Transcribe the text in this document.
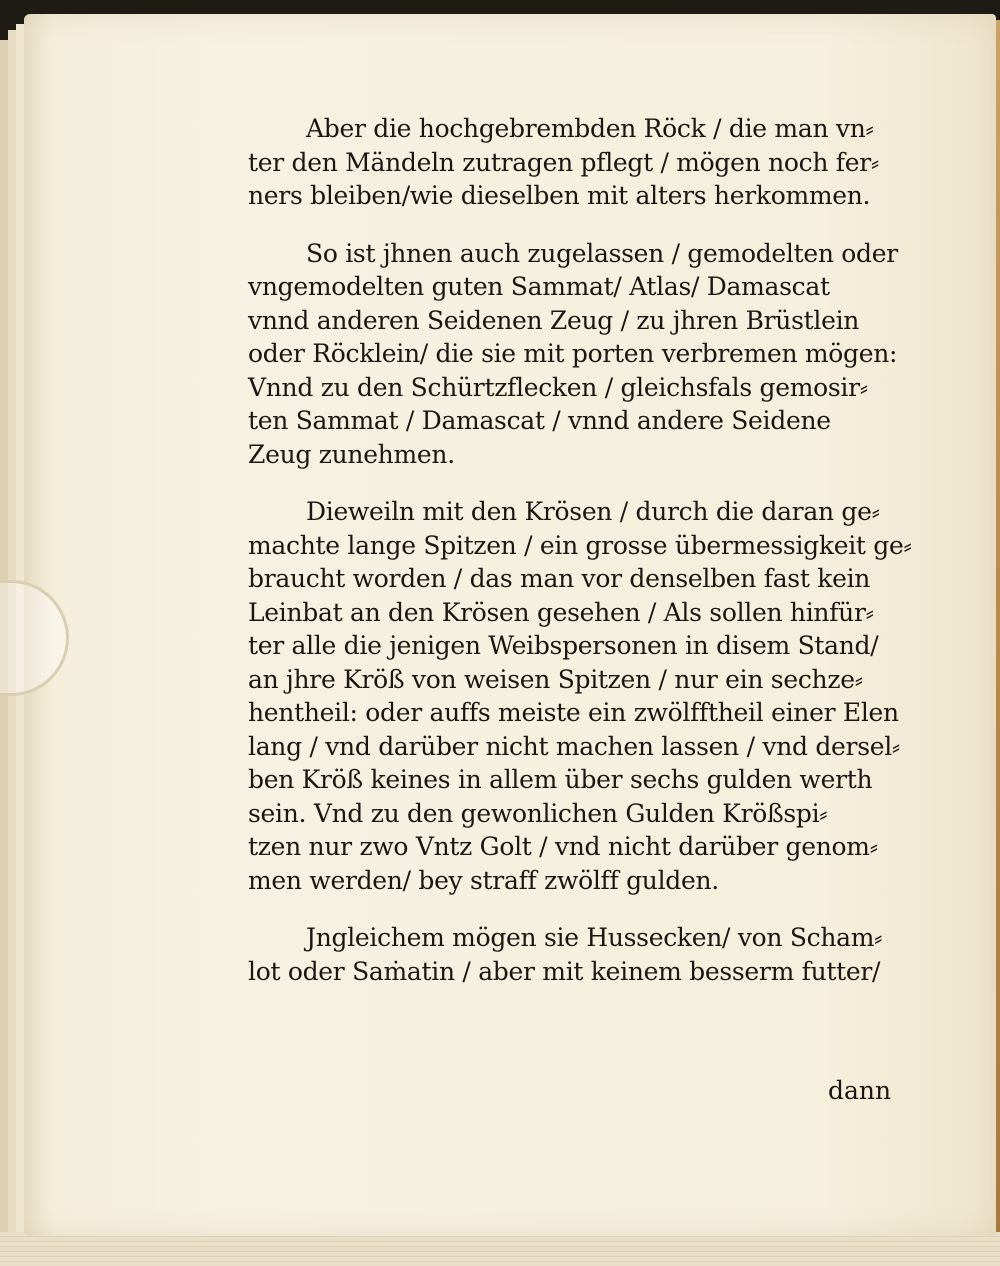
Aber die hochgebrembden Röck / die man vn⸗
ter den Mändeln zutragen pflegt / mögen noch fer⸗
ners bleiben/wie dieselben mit alters herkommen.
So ist jhnen auch zugelassen / gemodelten oder
vngemodelten guten Sammat/ Atlas/ Damascat
vnnd anderen Seidenen Zeug / zu jhren Brüstlein
oder Röcklein/ die sie mit porten verbremen mögen:
Vnnd zu den Schürtzflecken / gleichsfals gemosir⸗
ten Sammat / Damascat / vnnd andere Seidene
Zeug zunehmen.
Dieweiln mit den Krösen / durch die daran ge⸗
machte lange Spitzen / ein grosse übermessigkeit ge⸗
braucht worden / das man vor denselben fast kein
Leinbat an den Krösen gesehen / Als sollen hinfür⸗
ter alle die jenigen Weibspersonen in disem Stand/
an jhre Kröß von weisen Spitzen / nur ein sechze⸗
hentheil: oder auffs meiste ein zwölfftheil einer Elen
lang / vnd darüber nicht machen lassen / vnd dersel⸗
ben Kröß keines in allem über sechs gulden werth
sein. Vnd zu den gewonlichen Gulden Krößspi⸗
tzen nur zwo Vntz Golt / vnd nicht darüber genom⸗
men werden/ bey straff zwölff gulden.
Jngleichem mögen sie Hussecken/ von Scham⸗
lot oder Saṁatin / aber mit keinem besserm futter/
dann
